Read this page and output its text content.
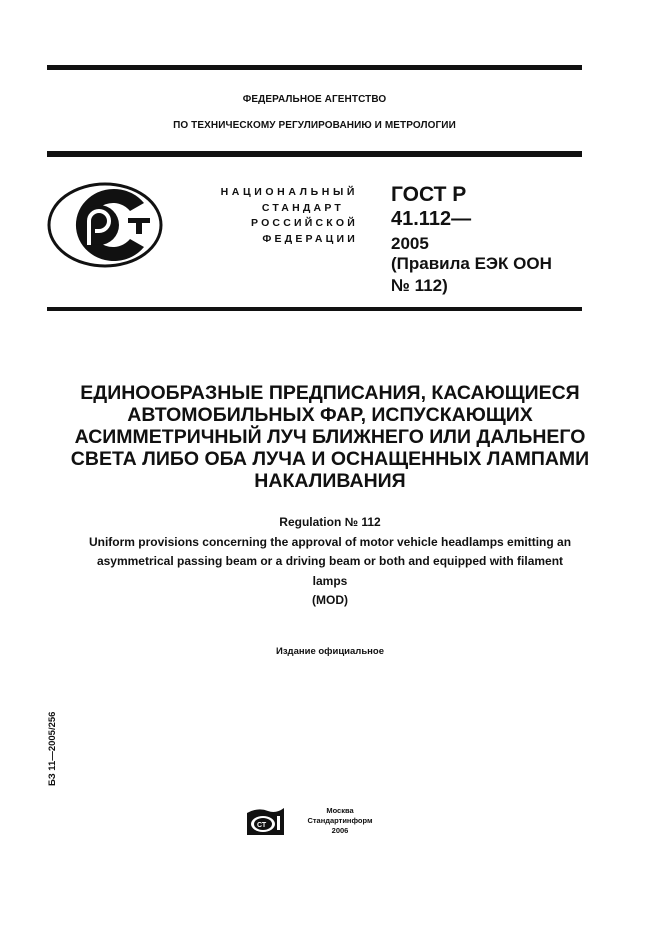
ФЕДЕРАЛЬНОЕ АГЕНТСТВО
ПО ТЕХНИЧЕСКОМУ РЕГУЛИРОВАНИЮ И МЕТРОЛОГИИ
НАЦИОНАЛЬНЫЙ
СТАНДАРТ
РОССИЙСКОЙ
ФЕДЕРАЦИИ
ГОСТ Р
41.112—
2005
(Правила ЕЭК ООН
№ 112)
ЕДИНООБРАЗНЫЕ ПРЕДПИСАНИЯ, КАСАЮЩИЕСЯ
АВТОМОБИЛЬНЫХ ФАР, ИСПУСКАЮЩИХ
АСИММЕТРИЧНЫЙ ЛУЧ БЛИЖНЕГО ИЛИ ДАЛЬНЕГО
СВЕТА ЛИБО ОБА ЛУЧА И ОСНАЩЕННЫХ ЛАМПАМИ
НАКАЛИВАНИЯ
Regulation № 112
Uniform provisions concerning the approval of motor vehicle headlamps emitting an
asymmetrical passing beam or a driving beam or both and equipped with filament
lamps
(MOD)
Издание официальное
БЗ 11—2005/256
СТ
Москва
Стандартинформ
2006
